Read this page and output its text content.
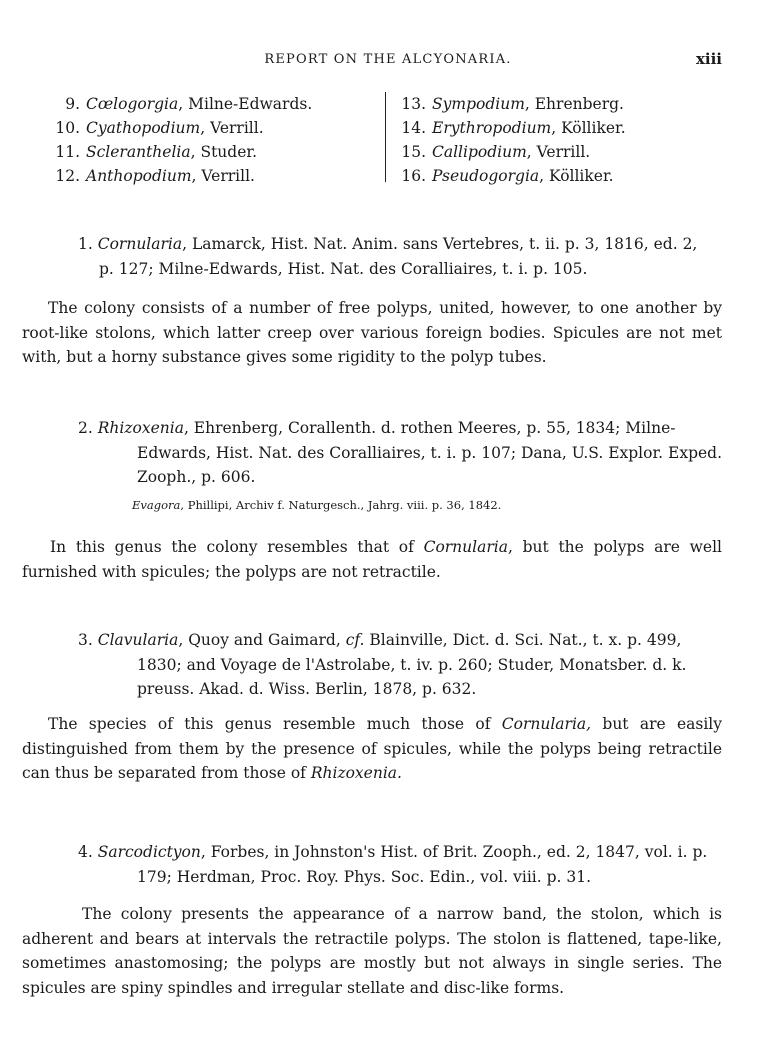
REPORT ON THE ALCYONARIA.	xiii

9. Cœlogorgia, Milne-Edwards.
10. Cyathopodium, Verrill.
11. Scleranthelia, Studer.
12. Anthopodium, Verrill.
13. Sympodium, Ehrenberg.
14. Erythropodium, Kölliker.
15. Callipodium, Verrill.
16. Pseudogorgia, Kölliker.
1. Cornularia, Lamarck, Hist. Nat. Anim. sans Vertebres, t. ii. p. 3, 1816, ed. 2,
p. 127; Milne-Edwards, Hist. Nat. des Coralliaires, t. i. p. 105.

The colony consists of a number of free polyps, united, however, to one another by root-like stolons, which latter creep over various foreign bodies. Spicules are not met with, but a horny substance gives some rigidity to the polyp tubes.

2. Rhizoxenia, Ehrenberg, Corallenth. d. rothen Meeres, p. 55, 1834; Milne-
Edwards, Hist. Nat. des Coralliaires, t. i. p. 107; Dana, U.S. Explor. Exped.
Zooph., p. 606.

Evagora, Phillipi, Archiv f. Naturgesch., Jahrg. viii. p. 36, 1842.

In this genus the colony resembles that of Cornularia, but the polyps are well furnished with spicules; the polyps are not retractile.

3. Clavularia, Quoy and Gaimard, cf. Blainville, Dict. d. Sci. Nat., t. x. p. 499,
1830; and Voyage de l'Astrolabe, t. iv. p. 260; Studer, Monatsber. d. k.
preuss. Akad. d. Wiss. Berlin, 1878, p. 632.

The species of this genus resemble much those of Cornularia, but are easily distinguished from them by the presence of spicules, while the polyps being retractile can thus be separated from those of Rhizoxenia.

4. Sarcodictyon, Forbes, in Johnston's Hist. of Brit. Zooph., ed. 2, 1847, vol. i. p.
179; Herdman, Proc. Roy. Phys. Soc. Edin., vol. viii. p. 31.

The colony presents the appearance of a narrow band, the stolon, which is adherent and bears at intervals the retractile polyps. The stolon is flattened, tape-like, sometimes anastomosing; the polyps are mostly but not always in single series. The spicules are spiny spindles and irregular stellate and disc-like forms.
